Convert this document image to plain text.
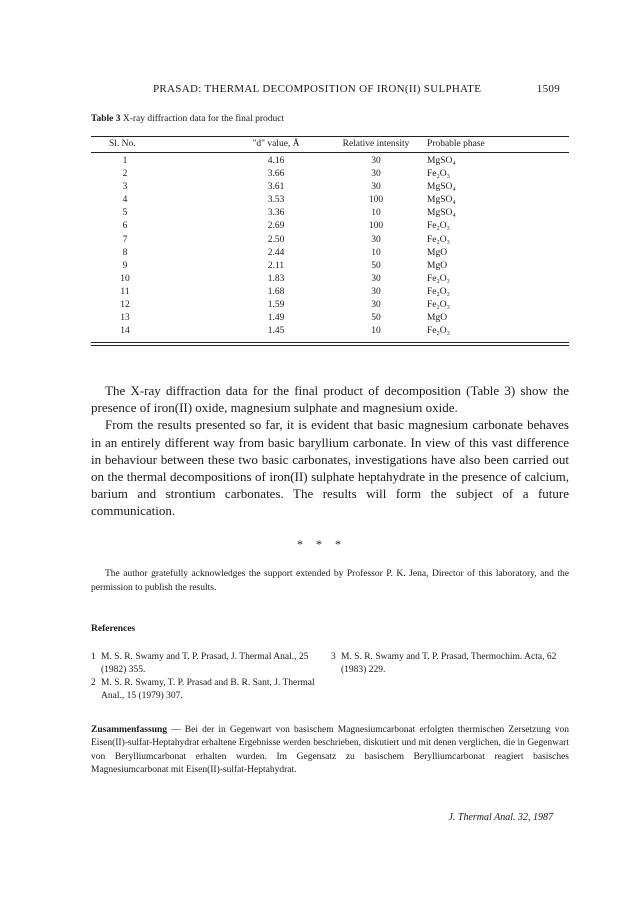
PRASAD: THERMAL DECOMPOSITION OF IRON(II) SULPHATE	1509
Table 3 X-ray diffraction data for the final product
Sl. No.	"d" value, Å	Relative intensity	Probable phase
1	4.16	30	MgSO₄
2	3.66	30	Fe₂O₃
3	3.61	30	MgSO₄
4	3.53	100	MgSO₄
5	3.36	10	MgSO₄
6	2.69	100	Fe₂O₃
7	2.50	30	Fe₂O₃
8	2.44	10	MgO
9	2.11	50	MgO
10	1.83	30	Fe₂O₃
11	1.68	30	Fe₂O₃
12	1.59	30	Fe₂O₃
13	1.49	50	MgO
14	1.45	10	Fe₂O₃

The X-ray diffraction data for the final product of decomposition (Table 3) show the presence of iron(II) oxide, magnesium sulphate and magnesium oxide.

From the results presented so far, it is evident that basic magnesium carbonate behaves in an entirely different way from basic baryllium carbonate. In view of this vast difference in behaviour between these two basic carbonates, investigations have also been carried out on the thermal decompositions of iron(II) sulphate heptahydrate in the presence of calcium, barium and strontium carbonates. The results will form the subject of a future communication.

* * *
The author gratefully acknowledges the support extended by Professor P. K. Jena, Director of this laboratory, and the permission to publish the results.
References
1 M. S. R. Swamy and T. P. Prasad, J. Thermal Anal., 25 (1982) 355.
2 M. S. R. Swamy, T. P. Prasad and B. R. Sant, J. Thermal Anal., 15 (1979) 307.
3 M. S. R. Swamy and T. P. Prasad, Thermochim. Acta, 62 (1983) 229.
Zusammenfassung — Bei der in Gegenwart von basischem Magnesiumcarbonat erfolgten thermischen Zersetzung von Eisen(II)-sulfat-Heptahydrat erhaltene Ergebnisse werden beschrieben, diskutiert und mit denen verglichen, die in Gegenwart von Berylliumcarbonat erhalten wurden. Im Gegensatz zu basischem Berylliumcarbonat reagiert basisches Magnesiumcarbonat mit Eisen(II)-sulfat-Heptahydrat.
J. Thermal Anal. 32, 1987
